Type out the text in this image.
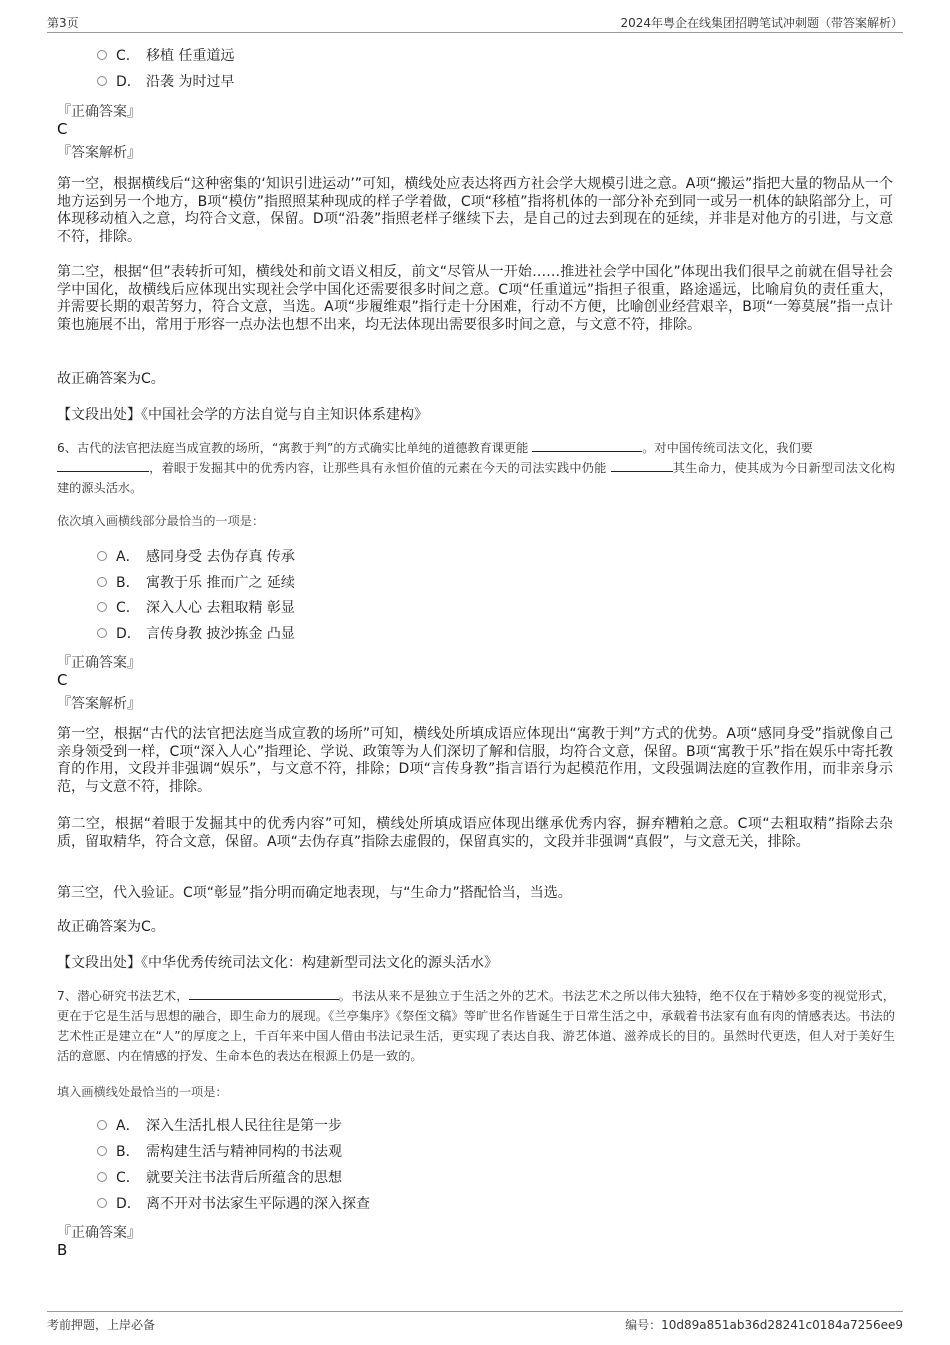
第3页	2024年粤企在线集团招聘笔试冲刺题（带答案解析）
C． 移植 任重道远
D． 沿袭 为时过早
『正确答案』
C
『答案解析』
第一空，根据横线后“这种密集的‘知识引进运动’”可知，横线处应表达将西方社会学大规模引进之意。A项“搬运”指把大量的物品从一个地方运到另一个地方，B项“模仿”指照照某种现成的样子学着做，C项“移植”指将机体的一部分补充到同一或另一机体的缺陷部分上，可体现移动植入之意，均符合文意，保留。D项“沿袭”指照老样子继续下去，是自己的过去到现在的延续，并非是对他方的引进，与文意不符，排除。
第二空，根据“但”表转折可知，横线处和前文语义相反，前文“尽管从一开始……推进社会学中国化”体现出我们很早之前就在倡导社会学中国化，故横线后应体现出实现社会学中国化还需要很多时间之意。C项“任重道远”指担子很重，路途遥远，比喻肩负的责任重大，并需要长期的艰苦努力，符合文意，当选。A项“步履维艰”指行走十分困难，行动不方便，比喻创业经营艰辛，B项“一筹莫展”指一点计策也施展不出，常用于形容一点办法也想不出来，均无法体现出需要很多时间之意，与文意不符，排除。
故正确答案为C。
【文段出处】《中国社会学的方法自觉与自主知识体系建构》
6、古代的法官把法庭当成宣教的场所，“寓教于判”的方式确实比单纯的道德教育课更能	。对中国传统司法文化，我们要
，着眼于发掘其中的优秀内容，让那些具有永恒价值的元素在今天的司法实践中仍能	其生命力，使其成为今日新型司法文化构建的源头活水。
依次填入画横线部分最恰当的一项是：
A． 感同身受 去伪存真 传承
B． 寓教于乐 推而广之 延续
C． 深入人心 去粗取精 彰显
D． 言传身教 披沙拣金 凸显
『正确答案』
C
『答案解析』
第一空，根据“古代的法官把法庭当成宣教的场所”可知，横线处所填成语应体现出“寓教于判”方式的优势。A项“感同身受”指就像自己亲身领受到一样，C项“深入人心”指理论、学说、政策等为人们深切了解和信服，均符合文意，保留。B项“寓教于乐”指在娱乐中寄托教育的作用，文段并非强调“娱乐”，与文意不符，排除；D项“言传身教”指言语行为起模范作用，文段强调法庭的宣教作用，而非亲身示范，与文意不符，排除。
第二空，根据“着眼于发掘其中的优秀内容”可知，横线处所填成语应体现出继承优秀内容，摒弃糟粕之意。C项“去粗取精”指除去杂质，留取精华，符合文意，保留。A项“去伪存真”指除去虚假的，保留真实的，文段并非强调“真假”，与文意无关，排除。
第三空，代入验证。C项“彰显”指分明而确定地表现，与“生命力”搭配恰当，当选。
故正确答案为C。
【文段出处】《中华优秀传统司法文化：构建新型司法文化的源头活水》
7、潜心研究书法艺术，	。书法从来不是独立于生活之外的艺术。书法艺术之所以伟大独特，绝不仅在于精妙多变的视觉形式，更在于它是生活与思想的融合，即生命力的展现。《兰亭集序》《祭侄文稿》等旷世名作皆诞生于日常生活之中，承载着书法家有血有肉的情感表达。书法的艺术性正是建立在“人”的厚度之上，千百年来中国人借由书法记录生活，更实现了表达自我、游艺体道、滋养成长的目的。虽然时代更迭，但人对于美好生活的意愿、内在情感的抒发、生命本色的表达在根源上仍是一致的。
填入画横线处最恰当的一项是：
A． 深入生活扎根人民往往是第一步
B． 需构建生活与精神同构的书法观
C． 就要关注书法背后所蕴含的思想
D． 离不开对书法家生平际遇的深入探查
『正确答案』
B
考前押题，上岸必备	编号：10d89a851ab36d28241c0184a7256ee9
